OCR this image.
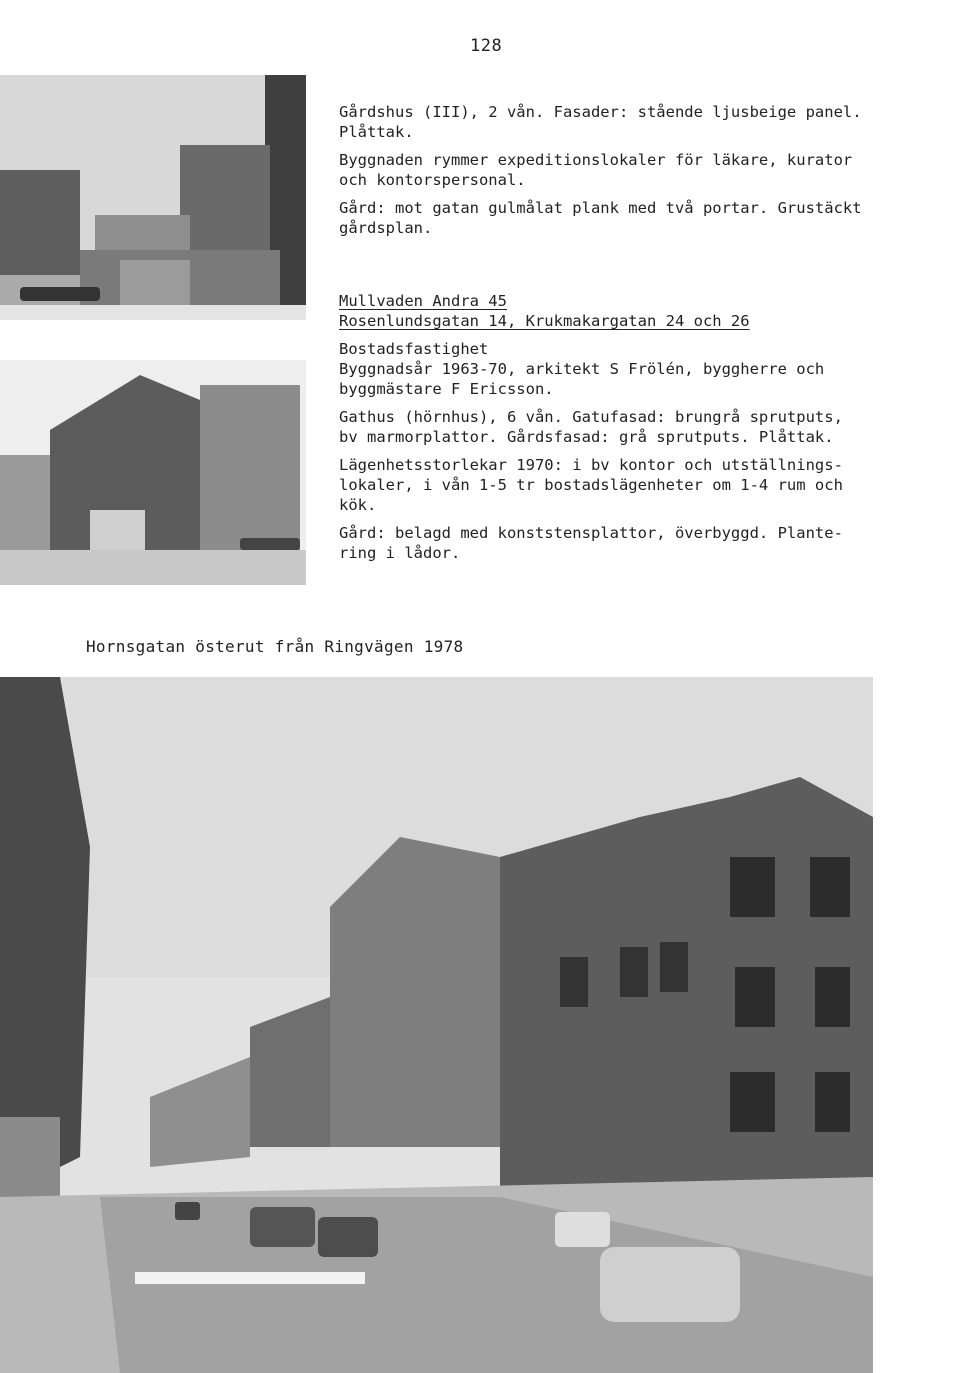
128

Gårdshus (III), 2 vån. Fasader: stående ljusbeige panel.
Plåttak.

Byggnaden rymmer expeditionslokaler för läkare, kurator
och kontorspersonal.

Gård: mot gatan gulmålat plank med två portar. Grustäckt
gårdsplan.

Mullvaden Andra 45
Rosenlundsgatan 14, Krukmakargatan 24 och 26

Bostadsfastighet
Byggnadsår 1963-70, arkitekt S Frölén, byggherre och
byggmästare F Ericsson.

Gathus (hörnhus), 6 vån. Gatufasad: brungrå sprutputs,
bv marmorplattor. Gårdsfasad: grå sprutputs. Plåttak.

Lägenhetsstorlekar 1970: i bv kontor och utställnings-
lokaler, i vån 1-5 tr bostadslägenheter om 1-4 rum och
kök.

Gård: belagd med konststensplattor, överbyggd. Plante-
ring i lådor.

Hornsgatan österut från Ringvägen 1978
